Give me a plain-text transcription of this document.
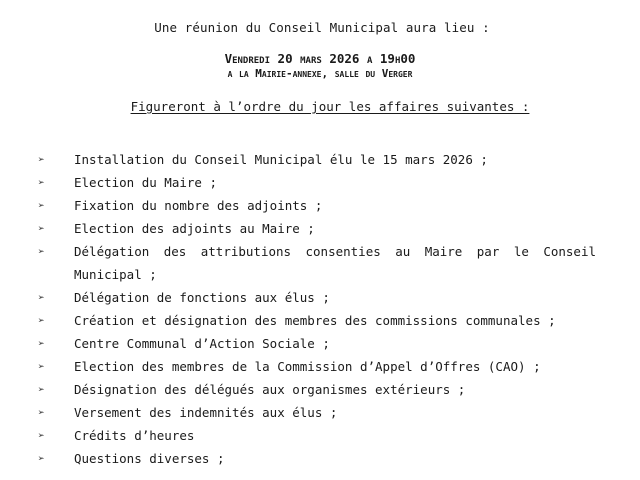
Une réunion du Conseil Municipal aura lieu :
Vendredi 20 mars 2026 a 19h00
a la Mairie-annexe, salle du Verger
Figureront à l’ordre du jour les affaires suivantes :
➢ Installation du Conseil Municipal élu le 15 mars 2026 ;
➢ Election du Maire ;
➢ Fixation du nombre des adjoints ;
➢ Election des adjoints au Maire ;
➢ Délégation des attributions consenties au Maire par le Conseil
Municipal ;
➢ Délégation de fonctions aux élus ;
➢ Création et désignation des membres des commissions communales ;
➢ Centre Communal d’Action Sociale ;
➢ Election des membres de la Commission d’Appel d’Offres (CAO) ;
➢ Désignation des délégués aux organismes extérieurs ;
➢ Versement des indemnités aux élus ;
➢ Crédits d’heures
➢ Questions diverses ;
